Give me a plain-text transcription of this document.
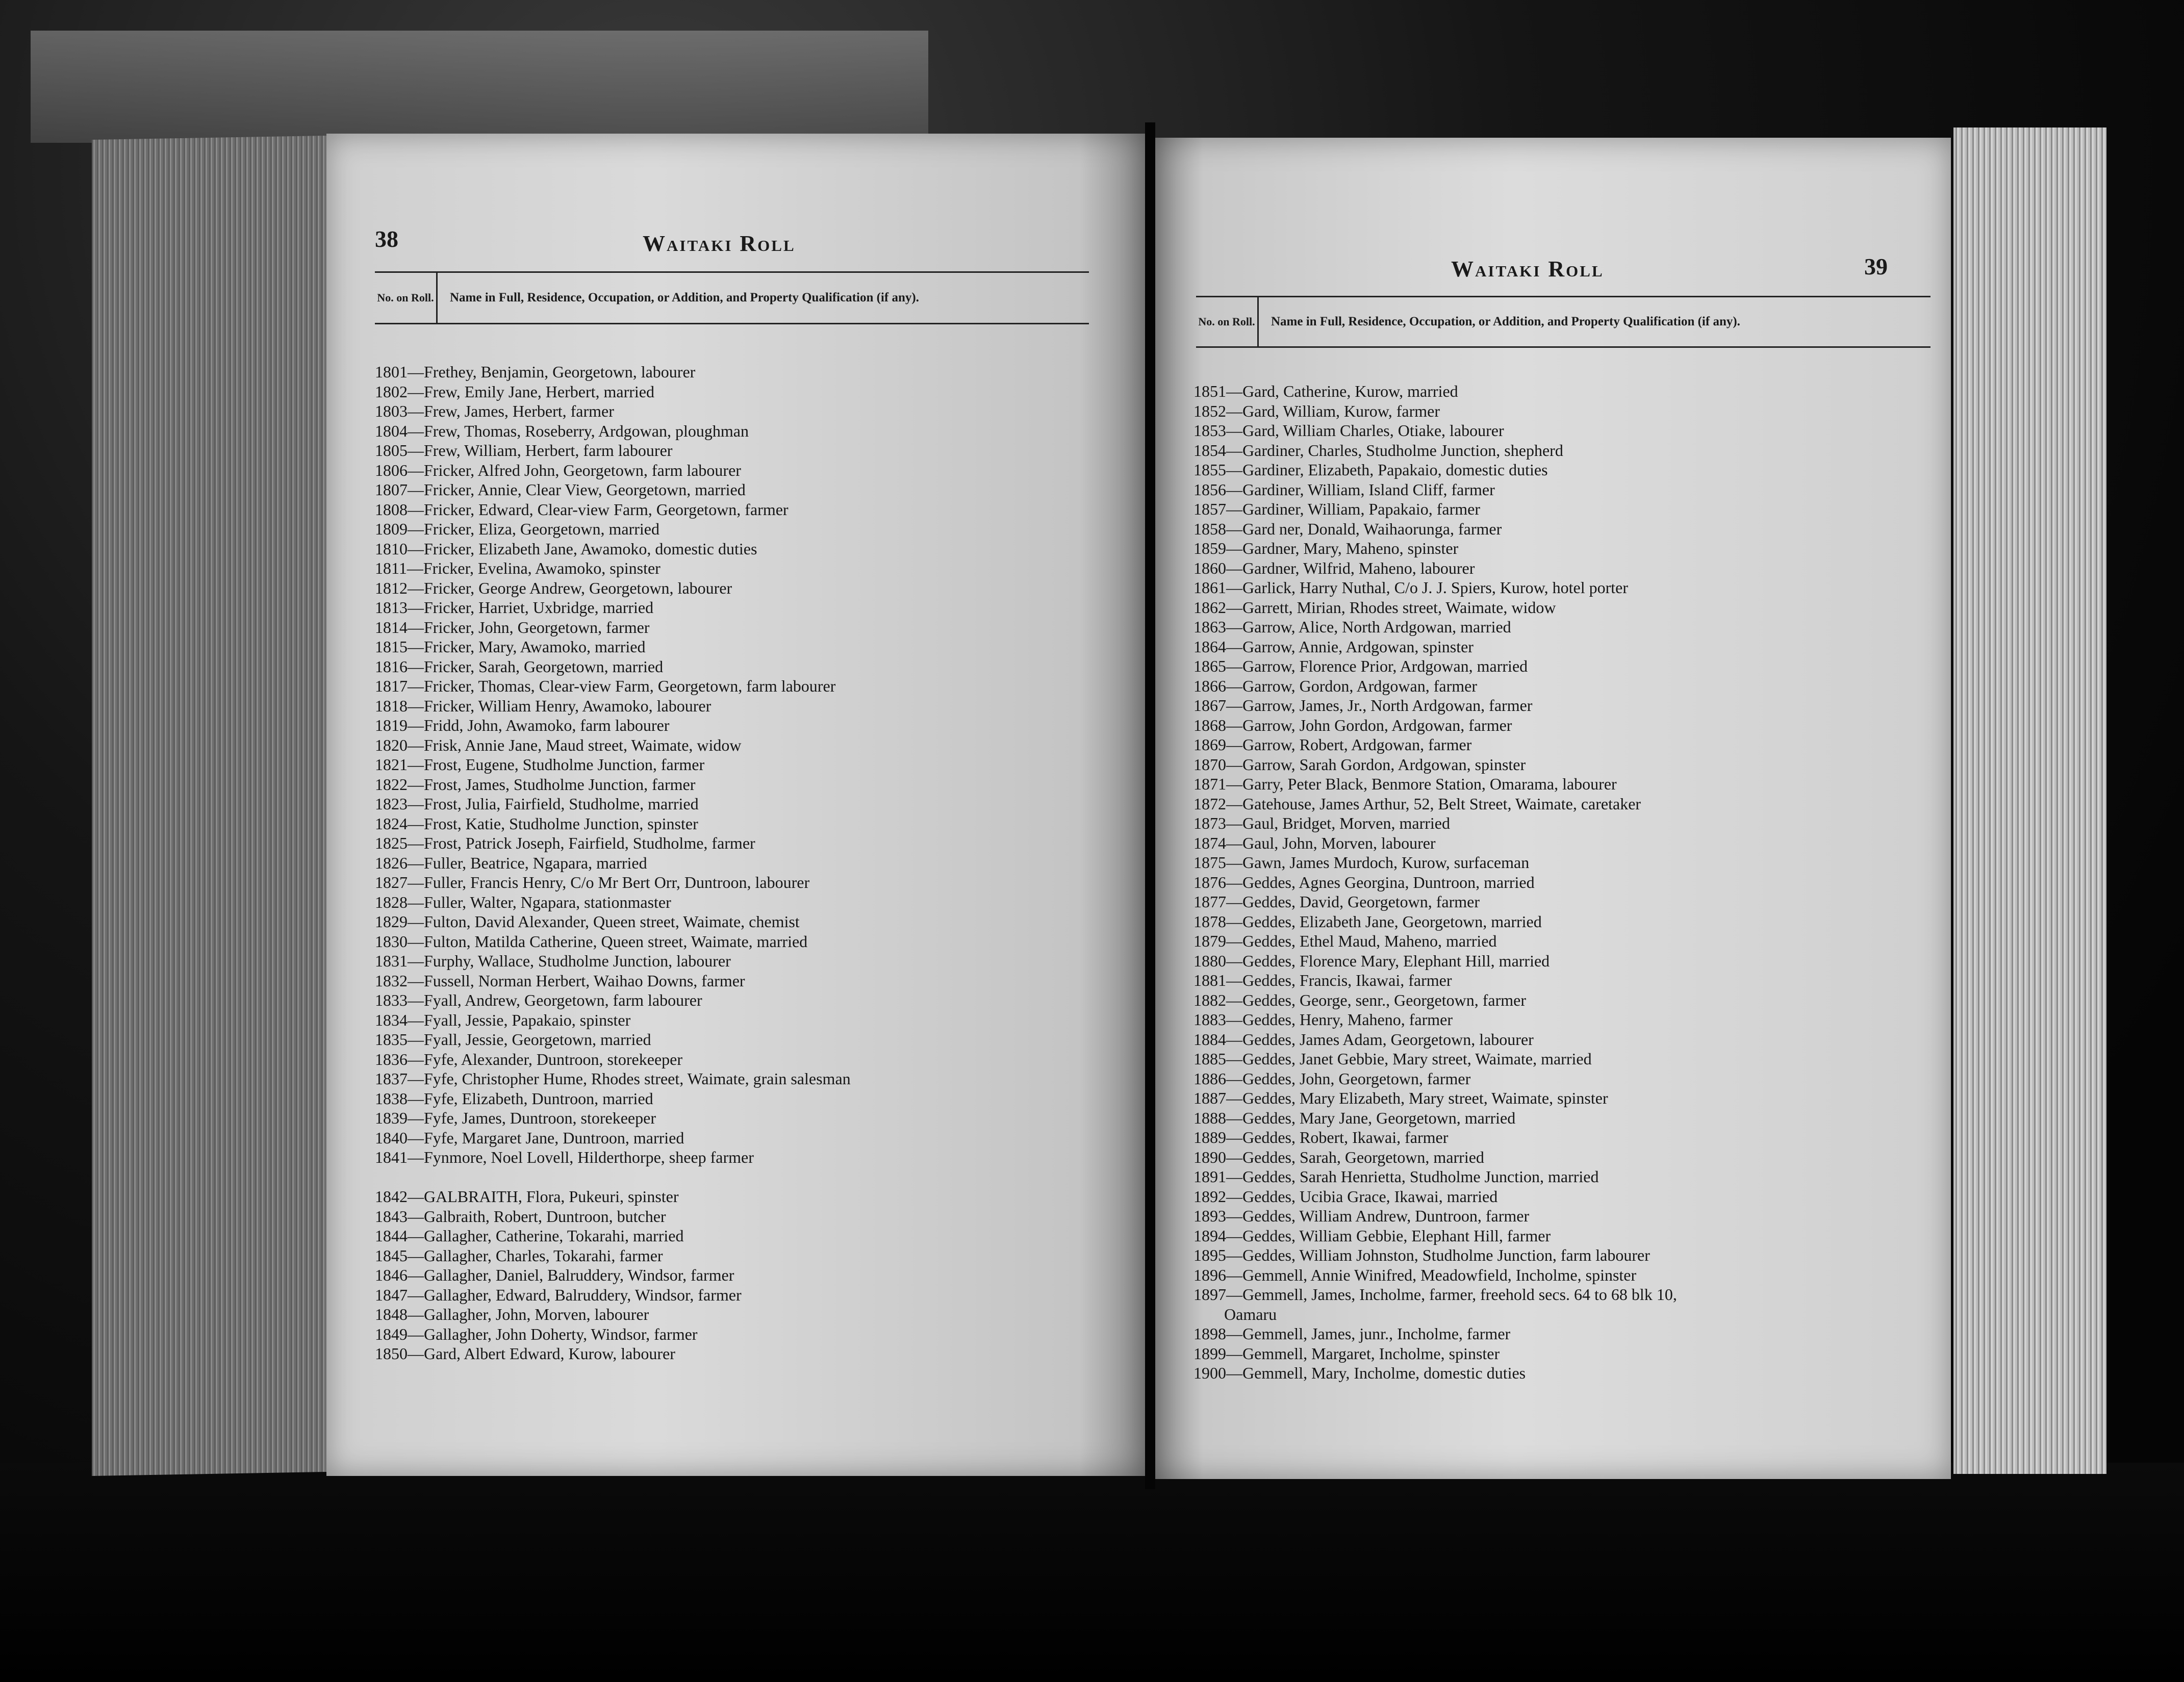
38	Waitaki Roll
No. on Roll.	Name in Full, Residence, Occupation, or Addition, and Property Qualification (if any).
1801—Frethey, Benjamin, Georgetown, labourer
1802—Frew, Emily Jane, Herbert, married
1803—Frew, James, Herbert, farmer
1804—Frew, Thomas, Roseberry, Ardgowan, ploughman
1805—Frew, William, Herbert, farm labourer
1806—Fricker, Alfred John, Georgetown, farm labourer
1807—Fricker, Annie, Clear View, Georgetown, married
1808—Fricker, Edward, Clear-view Farm, Georgetown, farmer
1809—Fricker, Eliza, Georgetown, married
1810—Fricker, Elizabeth Jane, Awamoko, domestic duties
1811—Fricker, Evelina, Awamoko, spinster
1812—Fricker, George Andrew, Georgetown, labourer
1813—Fricker, Harriet, Uxbridge, married
1814—Fricker, John, Georgetown, farmer
1815—Fricker, Mary, Awamoko, married
1816—Fricker, Sarah, Georgetown, married
1817—Fricker, Thomas, Clear-view Farm, Georgetown, farm labourer
1818—Fricker, William Henry, Awamoko, labourer
1819—Fridd, John, Awamoko, farm labourer
1820—Frisk, Annie Jane, Maud street, Waimate, widow
1821—Frost, Eugene, Studholme Junction, farmer
1822—Frost, James, Studholme Junction, farmer
1823—Frost, Julia, Fairfield, Studholme, married
1824—Frost, Katie, Studholme Junction, spinster
1825—Frost, Patrick Joseph, Fairfield, Studholme, farmer
1826—Fuller, Beatrice, Ngapara, married
1827—Fuller, Francis Henry, C/o Mr Bert Orr, Duntroon, labourer
1828—Fuller, Walter, Ngapara, stationmaster
1829—Fulton, David Alexander, Queen street, Waimate, chemist
1830—Fulton, Matilda Catherine, Queen street, Waimate, married
1831—Furphy, Wallace, Studholme Junction, labourer
1832—Fussell, Norman Herbert, Waihao Downs, farmer
1833—Fyall, Andrew, Georgetown, farm labourer
1834—Fyall, Jessie, Papakaio, spinster
1835—Fyall, Jessie, Georgetown, married
1836—Fyfe, Alexander, Duntroon, storekeeper
1837—Fyfe, Christopher Hume, Rhodes street, Waimate, grain salesman
1838—Fyfe, Elizabeth, Duntroon, married
1839—Fyfe, James, Duntroon, storekeeper
1840—Fyfe, Margaret Jane, Duntroon, married
1841—Fynmore, Noel Lovell, Hilderthorpe, sheep farmer
1842—GALBRAITH, Flora, Pukeuri, spinster
1843—Galbraith, Robert, Duntroon, butcher
1844—Gallagher, Catherine, Tokarahi, married
1845—Gallagher, Charles, Tokarahi, farmer
1846—Gallagher, Daniel, Balruddery, Windsor, farmer
1847—Gallagher, Edward, Balruddery, Windsor, farmer
1848—Gallagher, John, Morven, labourer
1849—Gallagher, John Doherty, Windsor, farmer
1850—Gard, Albert Edward, Kurow, labourer
Waitaki Roll	39
No. on Roll.	Name in Full, Residence, Occupation, or Addition, and Property Qualification (if any).
1851—Gard, Catherine, Kurow, married
1852—Gard, William, Kurow, farmer
1853—Gard, William Charles, Otiake, labourer
1854—Gardiner, Charles, Studholme Junction, shepherd
1855—Gardiner, Elizabeth, Papakaio, domestic duties
1856—Gardiner, William, Island Cliff, farmer
1857—Gardiner, William, Papakaio, farmer
1858—Gard ner, Donald, Waihaorunga, farmer
1859—Gardner, Mary, Maheno, spinster
1860—Gardner, Wilfrid, Maheno, labourer
1861—Garlick, Harry Nuthal, C/o J. J. Spiers, Kurow, hotel porter
1862—Garrett, Mirian, Rhodes street, Waimate, widow
1863—Garrow, Alice, North Ardgowan, married
1864—Garrow, Annie, Ardgowan, spinster
1865—Garrow, Florence Prior, Ardgowan, married
1866—Garrow, Gordon, Ardgowan, farmer
1867—Garrow, James, Jr., North Ardgowan, farmer
1868—Garrow, John Gordon, Ardgowan, farmer
1869—Garrow, Robert, Ardgowan, farmer
1870—Garrow, Sarah Gordon, Ardgowan, spinster
1871—Garry, Peter Black, Benmore Station, Omarama, labourer
1872—Gatehouse, James Arthur, 52, Belt Street, Waimate, caretaker
1873—Gaul, Bridget, Morven, married
1874—Gaul, John, Morven, labourer
1875—Gawn, James Murdoch, Kurow, surfaceman
1876—Geddes, Agnes Georgina, Duntroon, married
1877—Geddes, David, Georgetown, farmer
1878—Geddes, Elizabeth Jane, Georgetown, married
1879—Geddes, Ethel Maud, Maheno, married
1880—Geddes, Florence Mary, Elephant Hill, married
1881—Geddes, Francis, Ikawai, farmer
1882—Geddes, George, senr., Georgetown, farmer
1883—Geddes, Henry, Maheno, farmer
1884—Geddes, James Adam, Georgetown, labourer
1885—Geddes, Janet Gebbie, Mary street, Waimate, married
1886—Geddes, John, Georgetown, farmer
1887—Geddes, Mary Elizabeth, Mary street, Waimate, spinster
1888—Geddes, Mary Jane, Georgetown, married
1889—Geddes, Robert, Ikawai, farmer
1890—Geddes, Sarah, Georgetown, married
1891—Geddes, Sarah Henrietta, Studholme Junction, married
1892—Geddes, Ucibia Grace, Ikawai, married
1893—Geddes, William Andrew, Duntroon, farmer
1894—Geddes, William Gebbie, Elephant Hill, farmer
1895—Geddes, William Johnston, Studholme Junction, farm labourer
1896—Gemmell, Annie Winifred, Meadowfield, Incholme, spinster
1897—Gemmell, James, Incholme, farmer, freehold secs. 64 to 68 blk 10,
Oamaru
1898—Gemmell, James, junr., Incholme, farmer
1899—Gemmell, Margaret, Incholme, spinster
1900—Gemmell, Mary, Incholme, domestic duties
